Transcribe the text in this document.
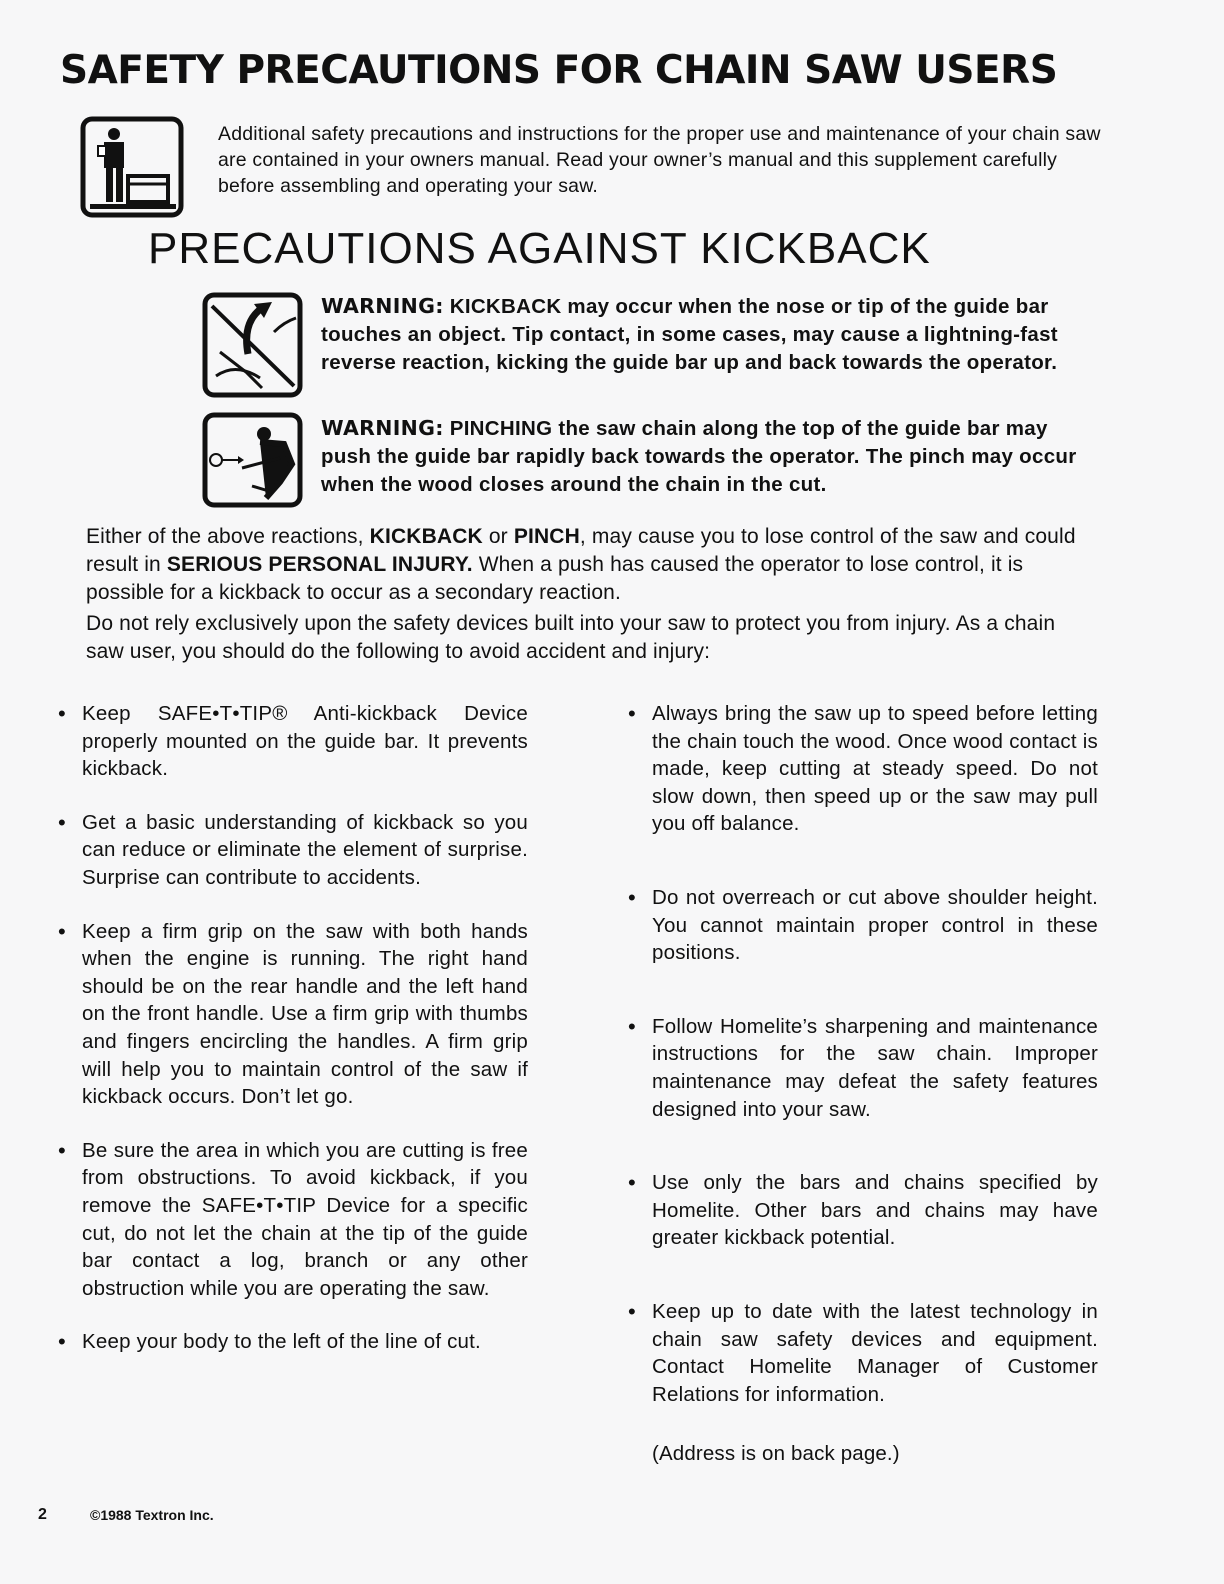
SAFETY PRECAUTIONS FOR CHAIN SAW USERS
Additional safety precautions and instructions for the proper use and maintenance of your chain saw are contained in your owners manual. Read your owner’s manual and this supplement carefully before assembling and operating your saw.
PRECAUTIONS AGAINST KICKBACK
WARNING: KICKBACK may occur when the nose or tip of the guide bar touches an object. Tip contact, in some cases, may cause a lightning-fast reverse reaction, kicking the guide bar up and back towards the operator.
WARNING: PINCHING the saw chain along the top of the guide bar may push the guide bar rapidly back towards the operator. The pinch may occur when the wood closes around the chain in the cut.
Either of the above reactions, KICKBACK or PINCH, may cause you to lose control of the saw and could result in SERIOUS PERSONAL INJURY. When a push has caused the operator to lose control, it is possible for a kickback to occur as a secondary reaction.
Do not rely exclusively upon the safety devices built into your saw to protect you from injury. As a chain saw user, you should do the following to avoid accident and injury:
• Keep SAFE•T•TIP® Anti-kickback Device properly mounted on the guide bar. It prevents kickback.
• Get a basic understanding of kickback so you can reduce or eliminate the element of surprise. Surprise can contribute to accidents.
• Keep a firm grip on the saw with both hands when the engine is running. The right hand should be on the rear handle and the left hand on the front handle. Use a firm grip with thumbs and fingers encircling the handles. A firm grip will help you to maintain control of the saw if kickback occurs. Don’t let go.
• Be sure the area in which you are cutting is free from obstructions. To avoid kickback, if you remove the SAFE•T•TIP Device for a specific cut, do not let the chain at the tip of the guide bar contact a log, branch or any other obstruction while you are operating the saw.
• Keep your body to the left of the line of cut.
• Always bring the saw up to speed before letting the chain touch the wood. Once wood contact is made, keep cutting at steady speed. Do not slow down, then speed up or the saw may pull you off balance.
• Do not overreach or cut above shoulder height. You cannot maintain proper control in these positions.
• Follow Homelite’s sharpening and maintenance instructions for the saw chain. Improper maintenance may defeat the safety features designed into your saw.
• Use only the bars and chains specified by Homelite. Other bars and chains may have greater kickback potential.
• Keep up to date with the latest technology in chain saw safety devices and equipment. Contact Homelite Manager of Customer Relations for information.
(Address is on back page.)
2	©1988 Textron Inc.
